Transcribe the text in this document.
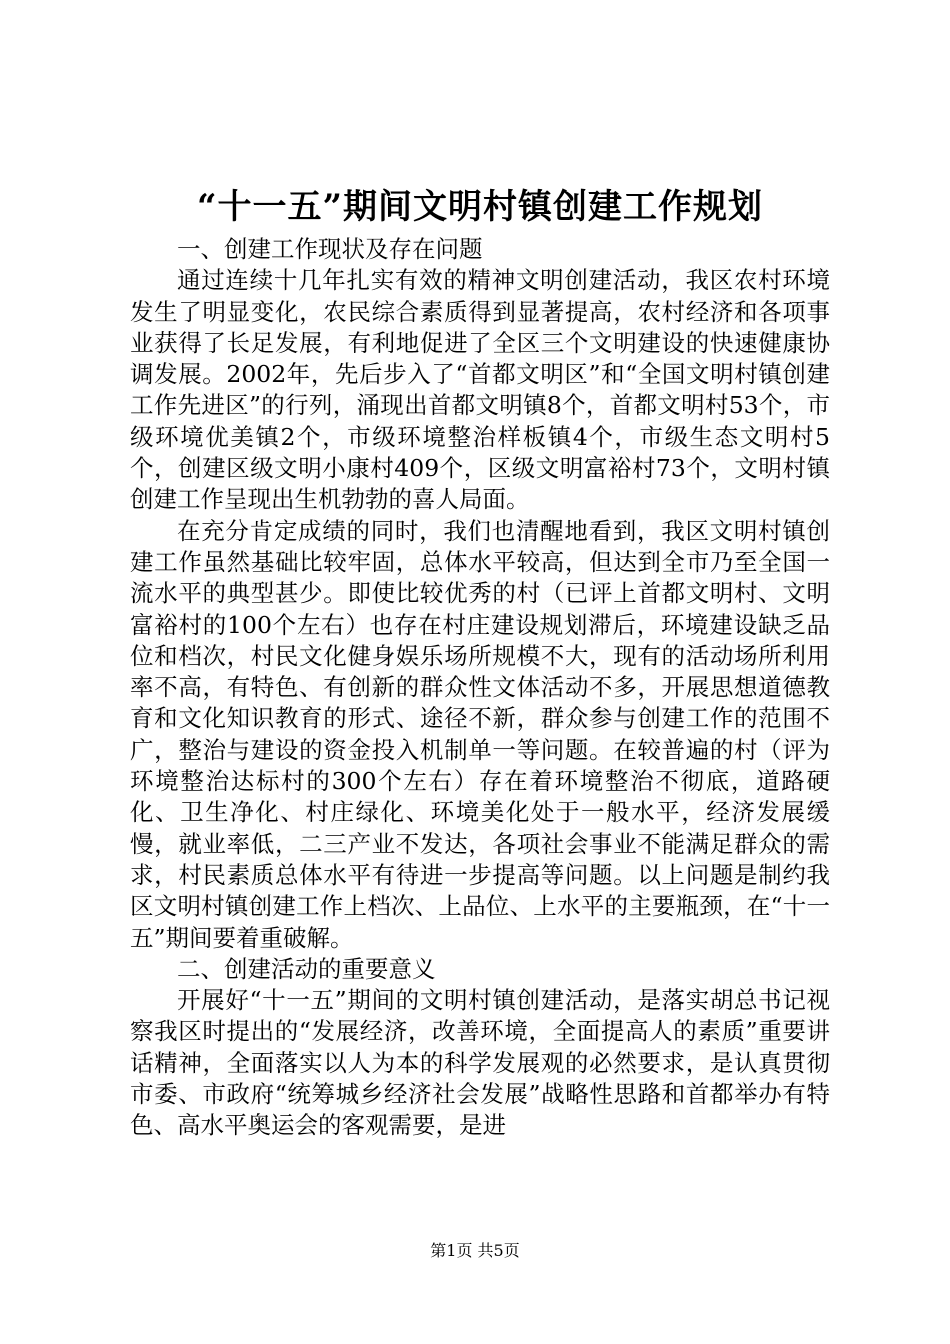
“十一五”期间文明村镇创建工作规划

一、创建工作现状及存在问题

通过连续十几年扎实有效的精神文明创建活动，我区农村环境发生了明显变化，农民综合素质得到显著提高，农村经济和各项事业获得了长足发展，有利地促进了全区三个文明建设的快速健康协调发展。2002年，先后步入了“首都文明区”和“全国文明村镇创建工作先进区”的行列，涌现出首都文明镇8个，首都文明村53个，市级环境优美镇2个，市级环境整治样板镇4个，市级生态文明村5个，创建区级文明小康村409个，区级文明富裕村73个，文明村镇创建工作呈现出生机勃勃的喜人局面。

在充分肯定成绩的同时，我们也清醒地看到，我区文明村镇创建工作虽然基础比较牢固，总体水平较高，但达到全市乃至全国一流水平的典型甚少。即使比较优秀的村（已评上首都文明村、文明富裕村的100个左右）也存在村庄建设规划滞后，环境建设缺乏品位和档次，村民文化健身娱乐场所规模不大，现有的活动场所利用率不高，有特色、有创新的群众性文体活动不多，开展思想道德教育和文化知识教育的形式、途径不新，群众参与创建工作的范围不广，整治与建设的资金投入机制单一等问题。在较普遍的村（评为环境整治达标村的300个左右）存在着环境整治不彻底，道路硬化、卫生净化、村庄绿化、环境美化处于一般水平，经济发展缓慢，就业率低，二三产业不发达，各项社会事业不能满足群众的需求，村民素质总体水平有待进一步提高等问题。以上问题是制约我区文明村镇创建工作上档次、上品位、上水平的主要瓶颈，在“十一五”期间要着重破解。

二、创建活动的重要意义

开展好“十一五”期间的文明村镇创建活动，是落实胡总书记视察我区时提出的“发展经济，改善环境，全面提高人的素质”重要讲话精神，全面落实以人为本的科学发展观的必然要求，是认真贯彻市委、市政府“统筹城乡经济社会发展”战略性思路和首都举办有特色、高水平奥运会的客观需要，是进

第1页 共5页
